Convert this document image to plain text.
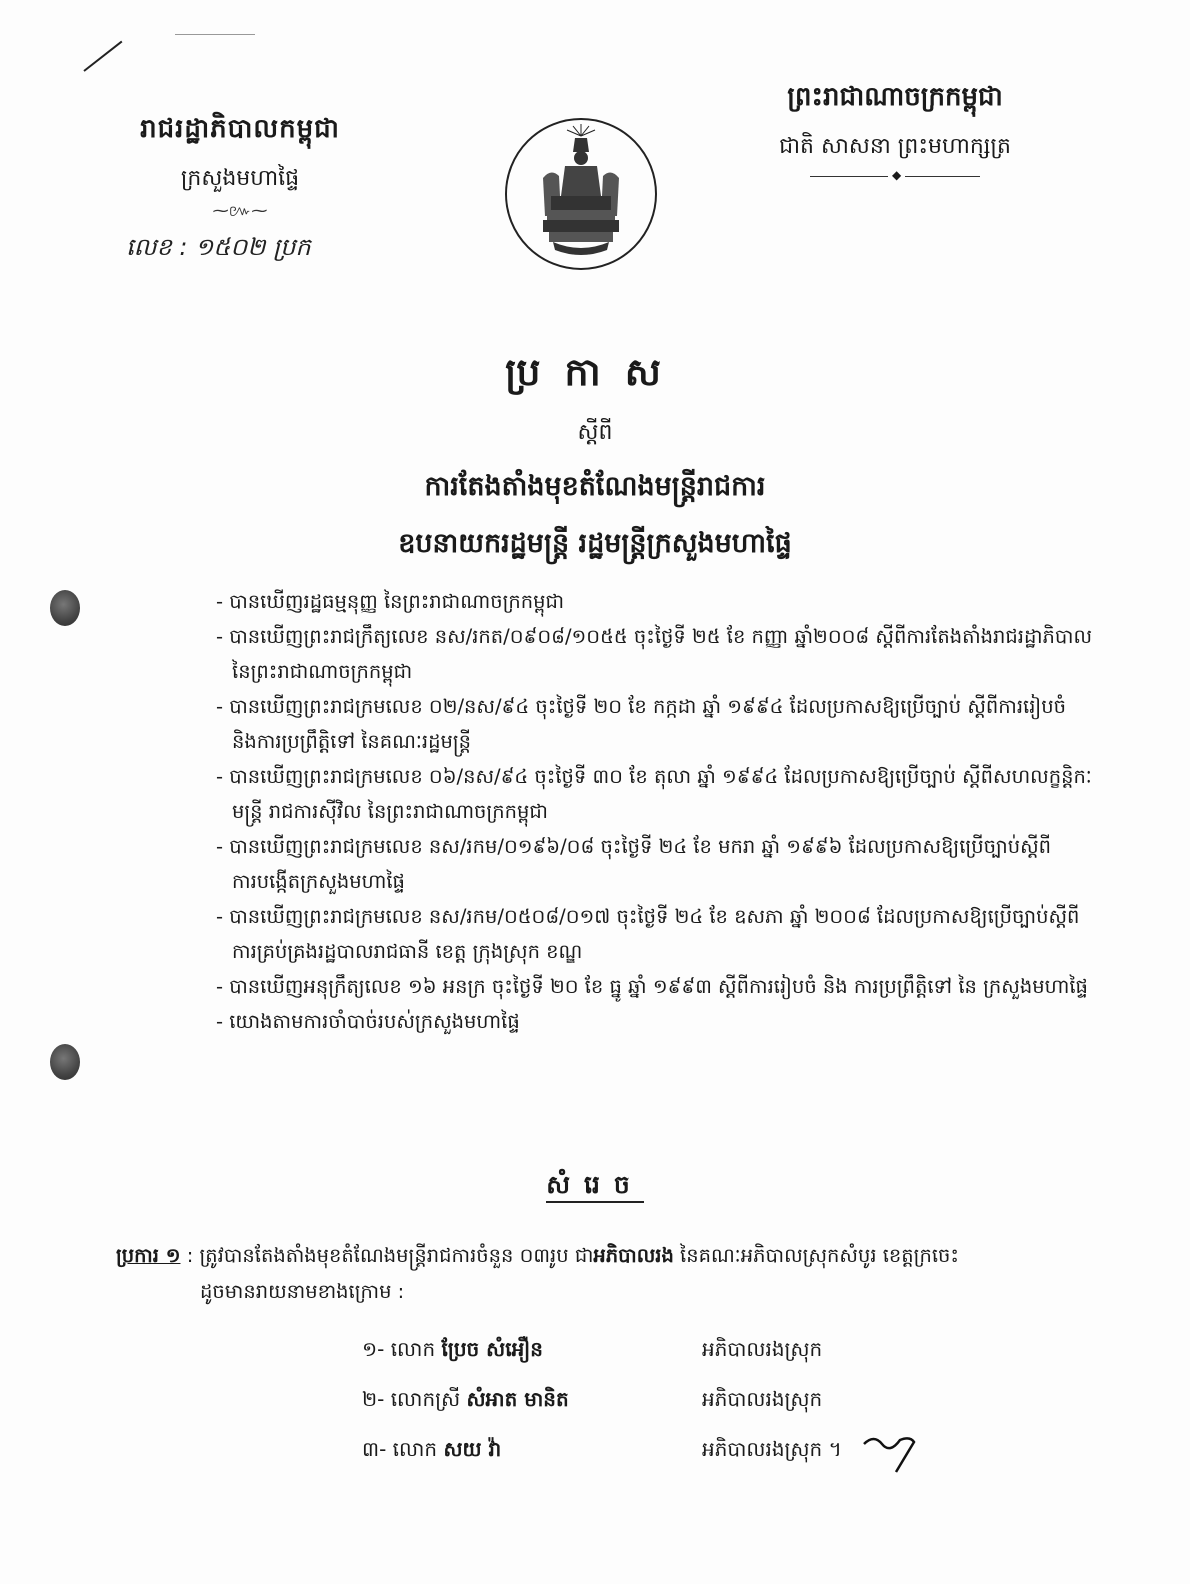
រាជរដ្ឋាភិបាលកម្ពុជា
ក្រសួងមហាផ្ទៃ
⁓៚⁓
លេខ : ១៥០២ ប្រក
ព្រះរាជាណាចក្រកម្ពុជា
ជាតិ សាសនា ព្រះមហាក្សត្រ
◆
ប្រកាស
ស្តីពី
ការតែងតាំងមុខតំណែងមន្ត្រីរាជការ
ឧបនាយករដ្ឋមន្ត្រី រដ្ឋមន្ត្រីក្រសួងមហាផ្ទៃ

- បានឃើញរដ្ឋធម្មនុញ្ញ នៃព្រះរាជាណាចក្រកម្ពុជា

- បានឃើញព្រះរាជក្រឹត្យលេខ នស/រកត/០៩០៨/១០៥៥ ចុះថ្ងៃទី ២៥ ខែ កញ្ញា ឆ្នាំ២០០៨ ស្តីពីការតែងតាំងរាជរដ្ឋាភិបាល
នៃព្រះរាជាណាចក្រកម្ពុជា

- បានឃើញព្រះរាជក្រមលេខ ០២/នស/៩៤ ចុះថ្ងៃទី ២០ ខែ កក្កដា ឆ្នាំ ១៩៩៤ ដែលប្រកាសឱ្យប្រើច្បាប់ ស្តីពីការរៀបចំ
និងការប្រព្រឹត្តិទៅ នៃគណៈរដ្ឋមន្ត្រី

- បានឃើញព្រះរាជក្រមលេខ ០៦/នស/៩៤ ចុះថ្ងៃទី ៣០ ខែ តុលា ឆ្នាំ ១៩៩៤ ដែលប្រកាសឱ្យប្រើច្បាប់ ស្តីពីសហលក្ខន្តិកៈ
មន្ត្រី រាជការស៊ីវិល នៃព្រះរាជាណាចក្រកម្ពុជា

- បានឃើញព្រះរាជក្រមលេខ នស/រកម/០១៩៦/០៨ ចុះថ្ងៃទី ២៤ ខែ មករា ឆ្នាំ ១៩៩៦ ដែលប្រកាសឱ្យប្រើច្បាប់ស្តីពី
ការបង្កើតក្រសួងមហាផ្ទៃ

- បានឃើញព្រះរាជក្រមលេខ នស/រកម/០៥០៨/០១៧ ចុះថ្ងៃទី ២៤ ខែ ឧសភា ឆ្នាំ ២០០៨ ដែលប្រកាសឱ្យប្រើច្បាប់ស្តីពី
ការគ្រប់គ្រងរដ្ឋបាលរាជធានី ខេត្ត ក្រុងស្រុក ខណ្ឌ

- បានឃើញអនុក្រឹត្យលេខ ១៦ អនក្រ ចុះថ្ងៃទី ២០ ខែ ធ្នូ ឆ្នាំ ១៩៩៣ ស្តីពីការរៀបចំ និង ការប្រព្រឹត្តិទៅ នៃ ក្រសួងមហាផ្ទៃ

- យោងតាមការចាំបាច់របស់ក្រសួងមហាផ្ទៃ

សំរេច
ប្រការ ១ : ត្រូវបានតែងតាំងមុខតំណែងមន្ត្រីរាជការចំនួន ០៣រូប ជាអភិបាលរង នៃគណៈអភិបាលស្រុកសំបូរ ខេត្តក្រចេះ
ដូចមានរាយនាមខាងក្រោម :
១- លោក ប្រែច សំអឿន	អភិបាលរងស្រុក
២- លោកស្រី សំអាត មានិត	អភិបាលរងស្រុក
៣- លោក សយ វ៉ា	អភិបាលរងស្រុក ។
